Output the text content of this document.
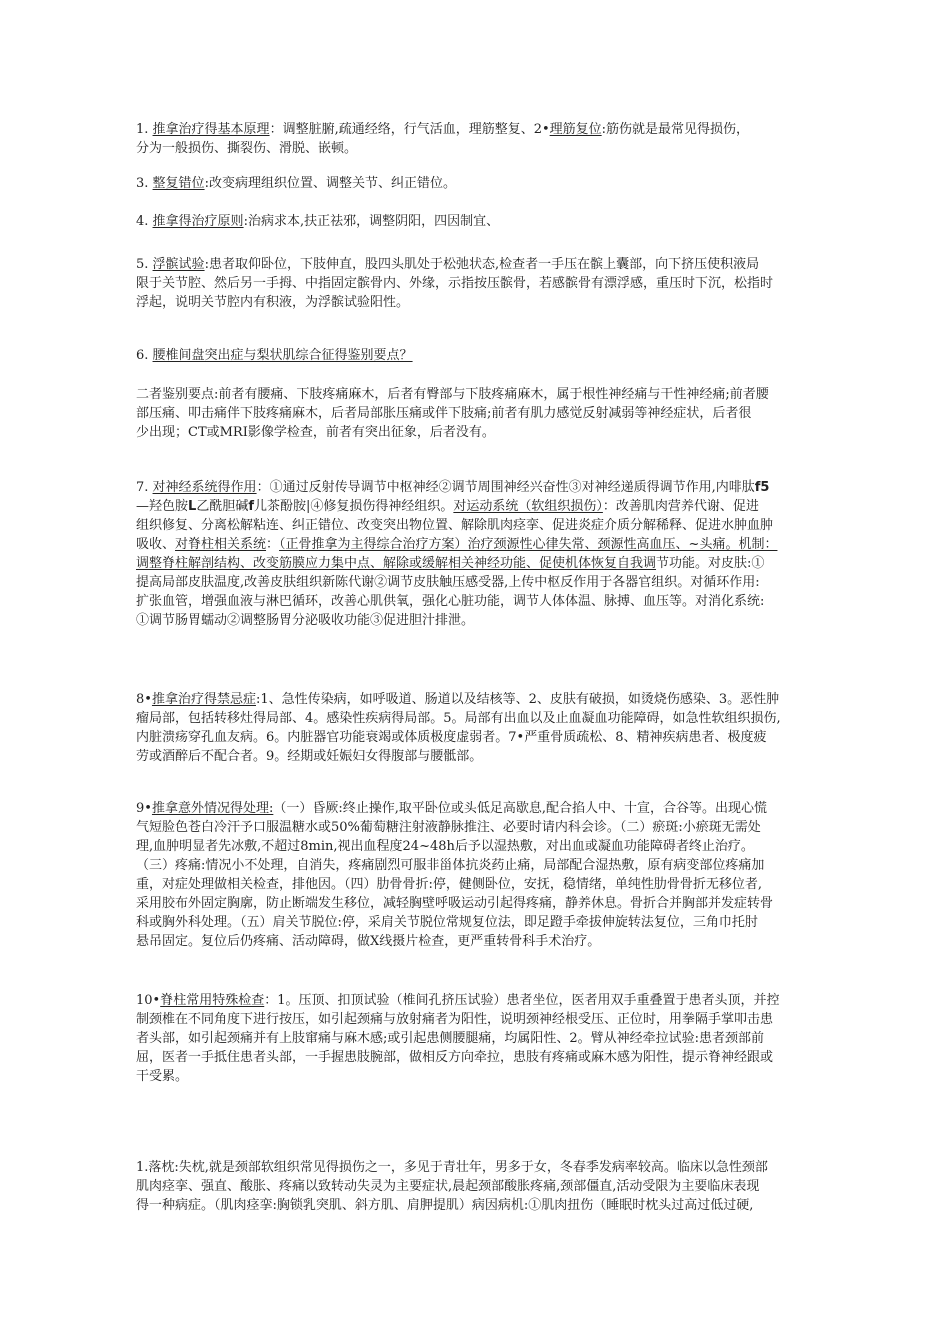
1. 推拿治疗得基本原理：调整脏腑,疏通经络，行气活血，理筋整复、2•理筋复位:筋伤就是最常见得损伤，
分为一般损伤、撕裂伤、滑脱、嵌顿。
3. 整复错位:改变病理组织位置、调整关节、纠正错位。
4. 推拿得治疗原则:治病求本,扶正祛邪，调整阴阳，四因制宜、
5. 浮髌试验:患者取仰卧位，下肢伸直，股四头肌处于松弛状态,检查者一手压在髌上囊部，向下挤压使积液局
限于关节腔、然后另一手拇、中指固定髌骨内、外缘，示指按压髌骨，若感髌骨有漂浮感，重压时下沉，松指时
浮起，说明关节腔内有积液，为浮髌试验阳性。
6. 腰椎间盘突出症与梨状肌综合征得鉴别要点？
二者鉴别要点:前者有腰痛、下肢疼痛麻木，后者有臀部与下肢疼痛麻木，属于根性神经痛与干性神经痛;前者腰
部压痛、叩击痛伴下肢疼痛麻木，后者局部胀压痛或伴下肢痛;前者有肌力感觉反射减弱等神经症状，后者很
少出现；CT或MRI影像学检查，前者有突出征象，后者没有。
7. 对神经系统得作用：①通过反射传导调节中枢神经②调节周围神经兴奋性③对神经递质得调节作用,内啡肽f5
—羟色胺L乙酰胆碱f儿茶酚胺|④修复损伤得神经组织。对运动系统（软组织损伤）：改善肌肉营养代谢、促进
组织修复、分离松解粘连、纠正错位、改变突出物位置、解除肌肉痉挛、促进炎症介质分解稀释、促进水肿血肿
吸收、对脊柱相关系统：（正骨推拿为主得综合治疗方案）治疗颈源性心律失常、颈源性高血压、~头痛。机制：
调整脊柱解剖结构、改变筋膜应力集中点、解除或缓解相关神经功能、促使机体恢复自我调节功能。对皮肤:①
提高局部皮肤温度,改善皮肤组织新陈代谢②调节皮肤触压感受器,上传中枢反作用于各器官组织。对循环作用:
扩张血管，增强血液与淋巴循环，改善心肌供氧，强化心脏功能，调节人体体温、脉搏、血压等。对消化系统:
①调节肠胃蠕动②调整肠胃分泌吸收功能③促进胆汁排泄。
8•推拿治疗得禁忌症:1、急性传染病，如呼吸道、肠道以及结核等、2、皮肤有破损，如烫烧伤感染、3。恶性肿
瘤局部，包括转移灶得局部、4。感染性疾病得局部。5。局部有出血以及止血凝血功能障碍，如急性软组织损伤,
内脏溃疡穿孔血友病。6。内脏器官功能衰竭或体质极度虚弱者。7•严重骨质疏松、8、精神疾病患者、极度疲
劳或酒醉后不配合者。9。经期或妊娠妇女得腹部与腰骶部。
9•推拿意外情况得处理:（一）昏厥:终止操作,取平卧位或头低足高歇息,配合掐人中、十宣，合谷等。出现心慌
气短脸色苍白冷汗予口服温糖水或50%葡萄糖注射液静脉推注、必要时请内科会诊。（二）瘀斑:小瘀斑无需处
理,血肿明显者先冰敷,不超过8min,视出血程度24~48h后予以湿热敷，对出血或凝血功能障碍者终止治疗。
（三）疼痛:情况小不处理，自消失，疼痛剧烈可服非甾体抗炎药止痛，局部配合湿热敷，原有病变部位疼痛加
重，对症处理做相关检查，排他因。（四）肋骨骨折:停，健侧卧位，安抚，稳情绪，单纯性肋骨骨折无移位者,
采用胶布外固定胸廓，防止断端发生移位，减轻胸壁呼吸运动引起得疼痛，静养休息。骨折合并胸部并发症转骨
科或胸外科处理。（五）肩关节脱位:停，采肩关节脱位常规复位法，即足蹬手牵拔伸旋转法复位，三角巾托肘
悬吊固定。复位后仍疼痛、活动障碍，做X线摄片检查，更严重转骨科手术治疗。
10•脊柱常用特殊检查：1。压顶、扣顶试验（椎间孔挤压试验）患者坐位，医者用双手重叠置于患者头顶，并控
制颈椎在不同角度下进行按压，如引起颈痛与放射痛者为阳性，说明颈神经根受压、正位时，用拳隔手掌叩击患
者头部，如引起颈痛并有上肢窜痛与麻木感;或引起患侧腰腿痛，均属阳性、2。臂从神经牵拉试验:患者颈部前
屈，医者一手抵住患者头部，一手握患肢腕部，做相反方向牵拉，患肢有疼痛或麻木感为阳性，提示脊神经跟或
干受累。
1.落枕:失枕,就是颈部软组织常见得损伤之一，多见于青壮年，男多于女，冬春季发病率较高。临床以急性颈部
肌肉痉挛、强直、酸胀、疼痛以致转动失灵为主要症状,晨起颈部酸胀疼痛,颈部僵直,活动受限为主要临床表现
得一种病症。（肌肉痉挛:胸锁乳突肌、斜方肌、肩胛提肌）病因病机:①肌肉扭伤（睡眠时枕头过高过低过硬,
